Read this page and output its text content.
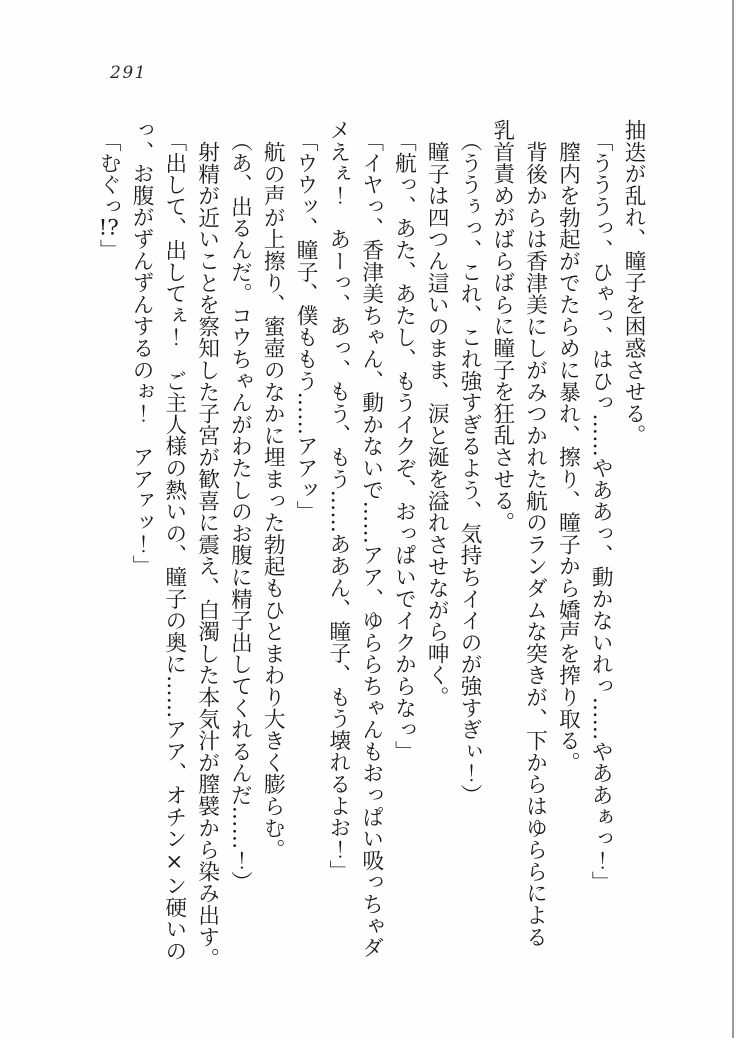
291

抽迭が乱れ、瞳子を困惑させる。

「うううっ、ひゃっ、はひっ……やああっ、動かないれっ……やああぁっ！」

膣内を勃起がでたらめに暴れ、擦り、瞳子から嬌声を搾り取る。

背後からは香津美にしがみつかれた航のランダムな突きが、下からはゆららによる

乳首責めがばらばらに瞳子を狂乱させる。

（ううぅっ、これ、これ強すぎるよう、気持ちイイのが強すぎぃ！）

瞳子は四つん這いのまま、涙と涎を溢れさせながら呻く。

「航っ、あた、あたし、もうイクぞ、おっぱいでイクからなっ」

「イヤっ、香津美ちゃん、動かないで……アア、ゆららちゃんもおっぱい吸っちゃダ

メえぇ！　あーっ、あっ、もう、もう……ああん、瞳子、もう壊れるよお！」

「ウウッ、瞳子、僕ももう……アアッ」

航の声が上擦り、蜜壺のなかに埋まった勃起もひとまわり大きく膨らむ。

（あ、出るんだ。コウちゃんがわたしのお腹に精子出してくれるんだ……！）

射精が近いことを察知した子宮が歓喜に震え、白濁した本気汁が膣襞から染み出す。

「出して、出してぇ！　ご主人様の熱いの、瞳子の奥に……アア、オチン×ン硬いの

っ、お腹がずんずんするのぉ！　アアァッ！」

「むぐっ!?」
